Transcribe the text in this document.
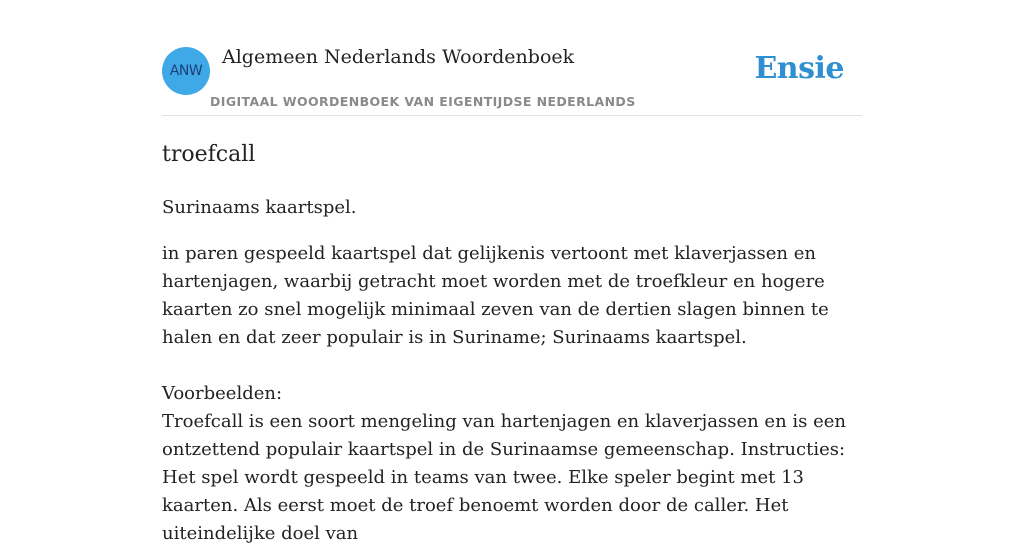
ANW
Algemeen Nederlands Woordenboek
DIGITAAL WOORDENBOEK VAN EIGENTIJDSE NEDERLANDS
Ensie
troefcall

Surinaams kaartspel.

in paren gespeeld kaartspel dat gelijkenis vertoont met klaverjassen en hartenjagen, waarbij getracht moet worden met de troefkleur en hogere kaarten zo snel mogelijk minimaal zeven van de dertien slagen binnen te halen en dat zeer populair is in Suriname; Surinaams kaartspel.

Voorbeelden:

Troefcall is een soort mengeling van hartenjagen en klaverjassen en is een ontzettend populair kaartspel in de Surinaamse gemeenschap. Instructies: Het spel wordt gespeeld in teams van twee. Elke speler begint met 13 kaarten. Als eerst moet de troef benoemt worden door de caller. Het uiteindelijke doel van
